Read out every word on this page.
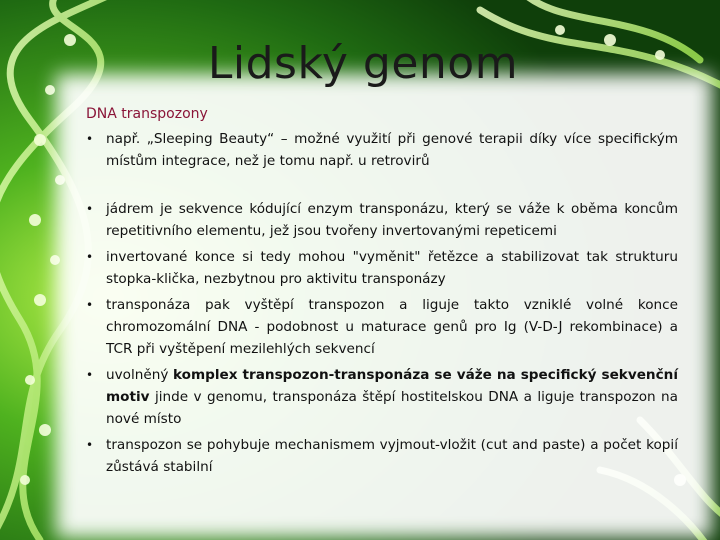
Lidský genom
DNA transpozony
• např. „Sleeping Beauty“ – možné využití při genové terapii díky více specifickým místům integrace, než je tomu např. u retrovirů
• jádrem je sekvence kódující enzym transponázu, který se váže k oběma koncům repetitivního elementu, jež jsou tvořeny invertovanými repeticemi
• invertované konce si tedy mohou "vyměnit" řetězce a stabilizovat tak strukturu stopka-klička, nezbytnou pro aktivitu transponázy
• transponáza pak vyštěpí transpozon a liguje takto vzniklé volné konce chromozomální DNA - podobnost u maturace genů pro Ig (V-D-J rekombinace) a TCR při vyštěpení mezilehlých sekvencí
• uvolněný komplex transpozon-transponáza se váže na specifický sekvenční motiv jinde v genomu, transponáza štěpí hostitelskou DNA a liguje transpozon na nové místo
• transpozon se pohybuje mechanismem vyjmout-vložit (cut and paste) a počet kopií zůstává stabilní
